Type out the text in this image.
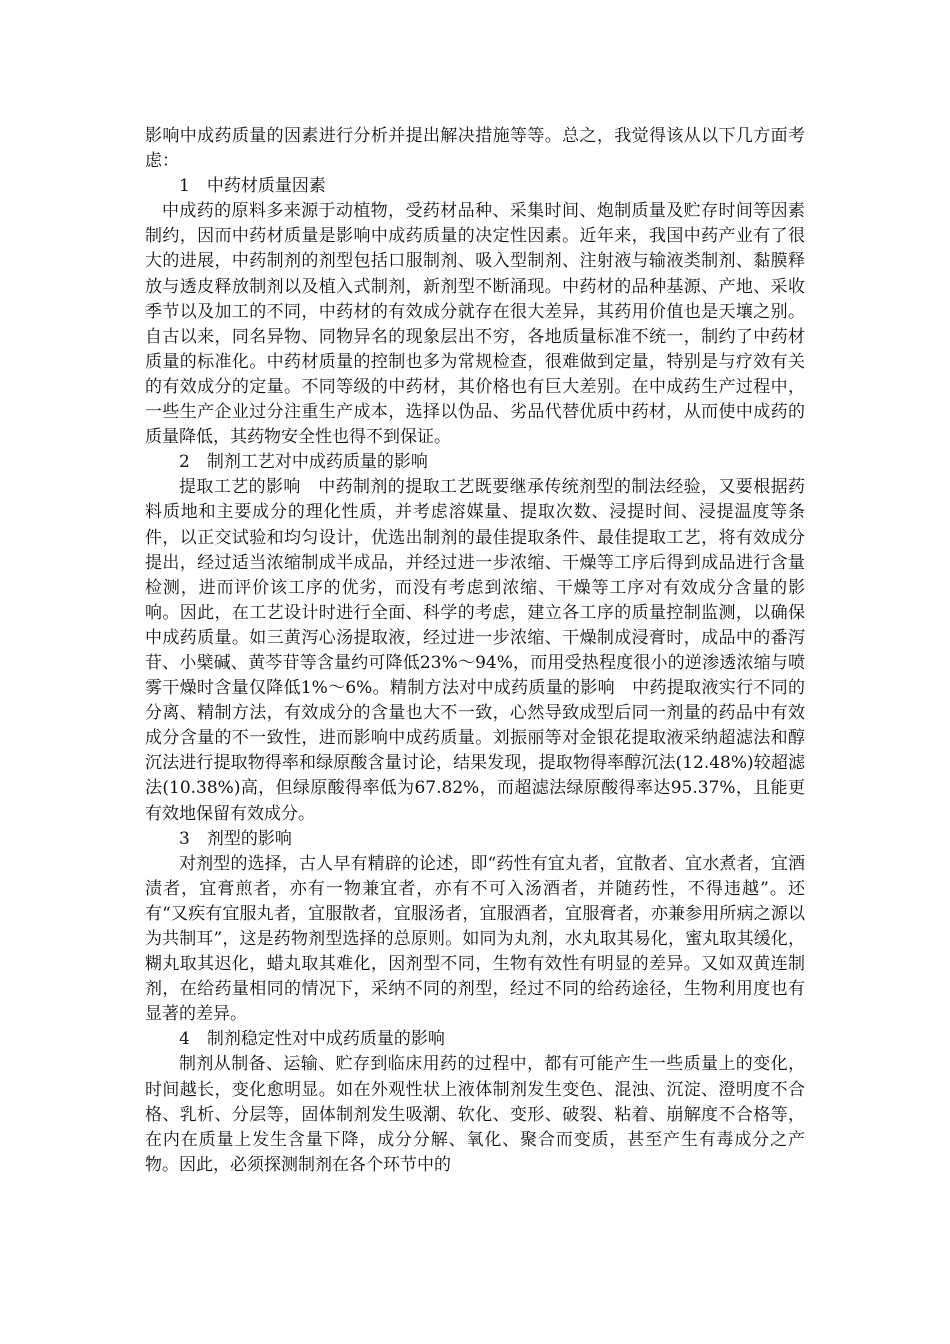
影响中成药质量的因素进行分析并提出解决措施等等。总之，我觉得该从以下几方面考虑：

1　中药材质量因素

中成药的原料多来源于动植物，受药材品种、采集时间、炮制质量及贮存时间等因素制约，因而中药材质量是影响中成药质量的决定性因素。近年来，我国中药产业有了很大的进展，中药制剂的剂型包括口服制剂、吸入型制剂、注射液与输液类制剂、黏膜释放与透皮释放制剂以及植入式制剂，新剂型不断涌现。中药材的品种基源、产地、采收季节以及加工的不同，中药材的有效成分就存在很大差异，其药用价值也是天壤之别。自古以来，同名异物、同物异名的现象层出不穷，各地质量标准不统一，制约了中药材质量的标准化。中药材质量的控制也多为常规检查，很难做到定量，特别是与疗效有关的有效成分的定量。不同等级的中药材，其价格也有巨大差别。在中成药生产过程中，一些生产企业过分注重生产成本，选择以伪品、劣品代替优质中药材，从而使中成药的质量降低，其药物安全性也得不到保证。

2　制剂工艺对中成药质量的影响

提取工艺的影响　中药制剂的提取工艺既要继承传统剂型的制法经验，又要根据药料质地和主要成分的理化性质，并考虑溶媒量、提取次数、浸提时间、浸提温度等条件，以正交试验和均匀设计，优选出制剂的最佳提取条件、最佳提取工艺，将有效成分提出，经过适当浓缩制成半成品，并经过进一步浓缩、干燥等工序后得到成品进行含量检测，进而评价该工序的优劣，而没有考虑到浓缩、干燥等工序对有效成分含量的影响。因此，在工艺设计时进行全面、科学的考虑，建立各工序的质量控制监测，以确保中成药质量。如三黄泻心汤提取液，经过进一步浓缩、干燥制成浸膏时，成品中的番泻苷、小檗碱、黄芩苷等含量约可降低23%～94%，而用受热程度很小的逆渗透浓缩与喷雾干燥时含量仅降低1%～6%。精制方法对中成药质量的影响　中药提取液实行不同的分离、精制方法，有效成分的含量也大不一致，心然导致成型后同一剂量的药品中有效成分含量的不一致性，进而影响中成药质量。刘振丽等对金银花提取液采纳超滤法和醇沉法进行提取物得率和绿原酸含量讨论，结果发现，提取物得率醇沉法(12.48%)较超滤法(10.38%)高，但绿原酸得率低为67.82%，而超滤法绿原酸得率达95.37%，且能更有效地保留有效成分。

3　剂型的影响

对剂型的选择，古人早有精辟的论述，即“药性有宜丸者，宜散者、宜水煮者，宜酒渍者，宜膏煎者，亦有一物兼宜者，亦有不可入汤酒者，并随药性，不得违越”。还有“又疾有宜服丸者，宜服散者，宜服汤者，宜服酒者，宜服膏者，亦兼参用所病之源以为共制耳”，这是药物剂型选择的总原则。如同为丸剂，水丸取其易化，蜜丸取其缓化，糊丸取其迟化，蜡丸取其难化，因剂型不同，生物有效性有明显的差异。又如双黄连制剂，在给药量相同的情况下，采纳不同的剂型，经过不同的给药途径，生物利用度也有显著的差异。

4　制剂稳定性对中成药质量的影响

制剂从制备、运输、贮存到临床用药的过程中，都有可能产生一些质量上的变化，时间越长，变化愈明显。如在外观性状上液体制剂发生变色、混浊、沉淀、澄明度不合格、乳析、分层等，固体制剂发生吸潮、软化、变形、破裂、粘着、崩解度不合格等，在内在质量上发生含量下降，成分分解、氧化、聚合而变质，甚至产生有毒成分之产物。因此，必须探测制剂在各个环节中的
